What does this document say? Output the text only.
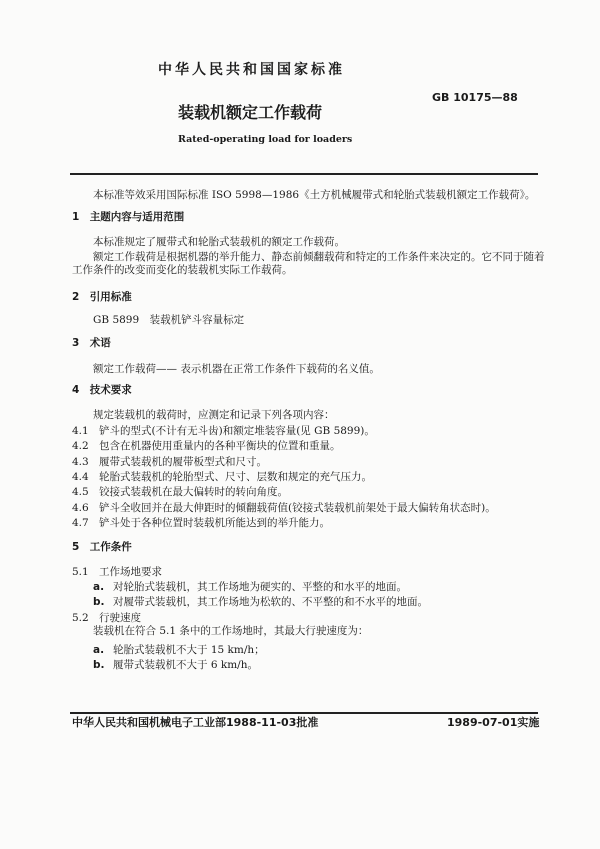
中华人民共和国国家标准
GB 10175—88
装载机额定工作载荷
Rated-operating load for loaders
本标准等效采用国际标准 ISO 5998—1986《土方机械履带式和轮胎式装载机额定工作载荷》。
1　主题内容与适用范围
本标准规定了履带式和轮胎式装载机的额定工作载荷。
额定工作载荷是根据机器的举升能力、静态前倾翻载荷和特定的工作条件来决定的。它不同于随着
工作条件的改变而变化的装载机实际工作载荷。
2　引用标准
GB 5899　装载机铲斗容量标定
3　术语
额定工作载荷—— 表示机器在正常工作条件下载荷的名义值。
4　技术要求
规定装载机的载荷时，应测定和记录下列各项内容：
4.1 铲斗的型式(不计有无斗齿)和额定堆装容量(见 GB 5899)。
4.2 包含在机器使用重量内的各种平衡块的位置和重量。
4.3 履带式装载机的履带板型式和尺寸。
4.4 轮胎式装载机的轮胎型式、尺寸、层数和规定的充气压力。
4.5 铰接式装载机在最大偏转时的转向角度。
4.6 铲斗全收回并在最大伸距时的倾翻载荷值(铰接式装载机前架处于最大偏转角状态时)。
4.7 铲斗处于各种位置时装载机所能达到的举升能力。
5　工作条件
5.1 工作场地要求
a. 对轮胎式装载机，其工作场地为硬实的、平整的和水平的地面。
b. 对履带式装载机，其工作场地为松软的、不平整的和不水平的地面。
5.2 行驶速度
装载机在符合 5.1 条中的工作场地时，其最大行驶速度为：
a. 轮胎式装载机不大于 15 km/h；
b. 履带式装载机不大于 6 km/h。
中华人民共和国机械电子工业部1988-11-03批准	1989-07-01实施
